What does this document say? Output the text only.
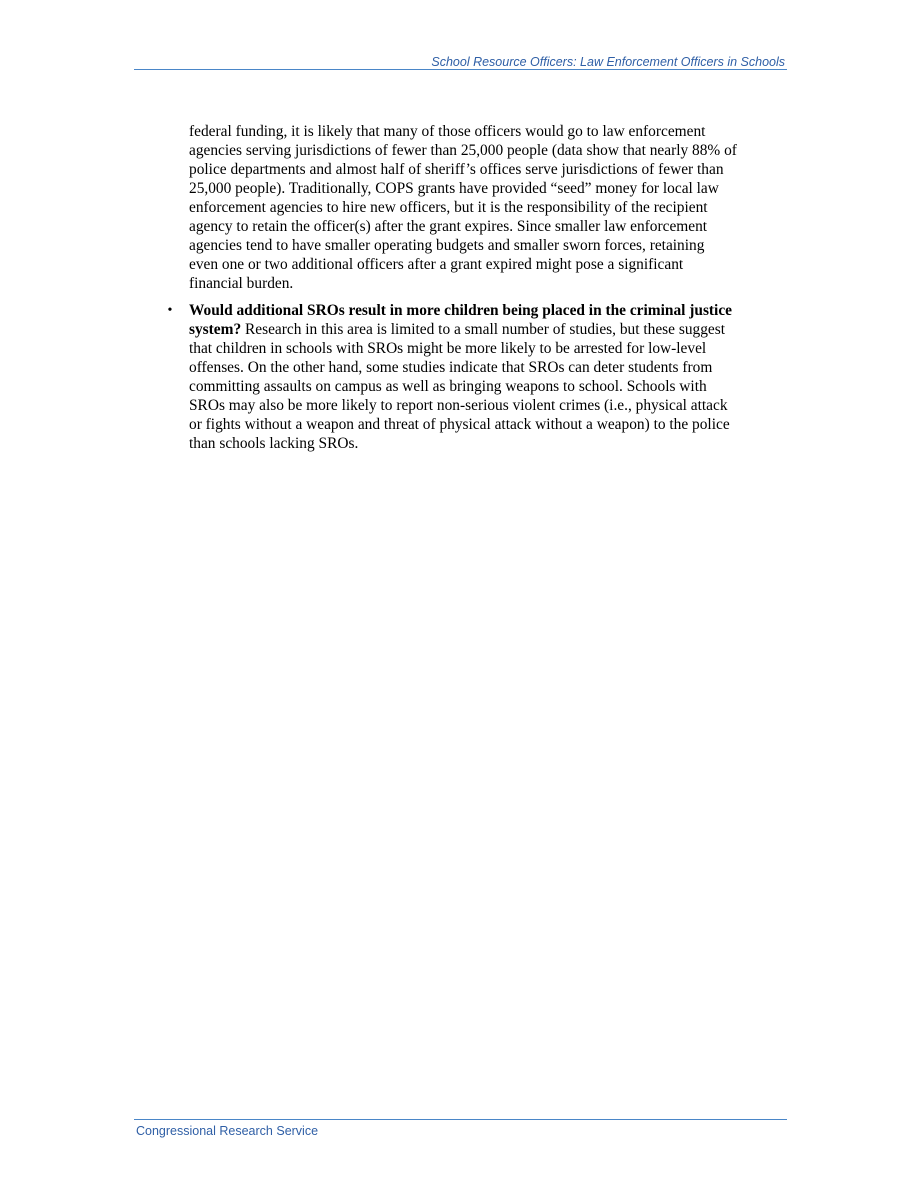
School Resource Officers: Law Enforcement Officers in Schools

federal funding, it is likely that many of those officers would go to law enforcement agencies serving jurisdictions of fewer than 25,000 people (data show that nearly 88% of police departments and almost half of sheriff’s offices serve jurisdictions of fewer than 25,000 people). Traditionally, COPS grants have provided “seed” money for local law enforcement agencies to hire new officers, but it is the responsibility of the recipient agency to retain the officer(s) after the grant expires. Since smaller law enforcement agencies tend to have smaller operating budgets and smaller sworn forces, retaining even one or two additional officers after a grant expired might pose a significant financial burden.

• Would additional SROs result in more children being placed in the criminal justice system? Research in this area is limited to a small number of studies, but these suggest that children in schools with SROs might be more likely to be arrested for low-level offenses. On the other hand, some studies indicate that SROs can deter students from committing assaults on campus as well as bringing weapons to school. Schools with SROs may also be more likely to report non-serious violent crimes (i.e., physical attack or fights without a weapon and threat of physical attack without a weapon) to the police than schools lacking SROs.

Congressional Research Service
